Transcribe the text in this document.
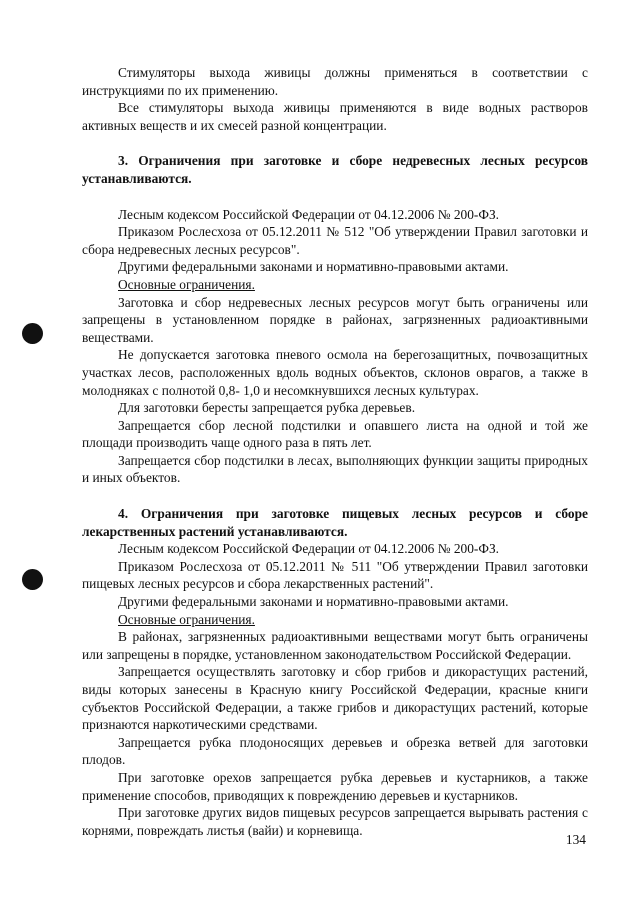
Стимуляторы выхода живицы должны применяться в соответствии с инструкциями по их применению.

Все стимуляторы выхода живицы применяются в виде водных растворов активных веществ и их смесей разной концентрации.

3. Ограничения при заготовке и сборе недревесных лесных ресурсов устанавливаются.

Лесным кодексом Российской Федерации от 04.12.2006 № 200-ФЗ.

Приказом Рослесхоза от 05.12.2011 № 512 "Об утверждении Правил заготовки и сбора недревесных лесных ресурсов".

Другими федеральными законами и нормативно-правовыми актами.

Основные ограничения.

Заготовка и сбор недревесных лесных ресурсов могут быть ограничены или запрещены в установленном порядке в районах, загрязненных радиоактивными веществами.

Не допускается заготовка пневого осмола на берегозащитных, почвозащитных участках лесов, расположенных вдоль водных объектов, склонов оврагов, а также в молодняках с полнотой 0,8- 1,0 и несомкнувшихся лесных культурах.

Для заготовки бересты запрещается рубка деревьев.

Запрещается сбор лесной подстилки и опавшего листа на одной и той же площади производить чаще одного раза в пять лет.

Запрещается сбор подстилки в лесах, выполняющих функции защиты природных и иных объектов.

4. Ограничения при заготовке пищевых лесных ресурсов и сборе лекарственных растений устанавливаются.

Лесным кодексом Российской Федерации от 04.12.2006 № 200-ФЗ.

Приказом Рослесхоза от 05.12.2011 № 511 "Об утверждении Правил заготовки пищевых лесных ресурсов и сбора лекарственных растений".

Другими федеральными законами и нормативно-правовыми актами.

Основные ограничения.

В районах, загрязненных радиоактивными веществами могут быть ограничены или запрещены в порядке, установленном законодательством Российской Федерации.

Запрещается осуществлять заготовку и сбор грибов и дикорастущих растений, виды которых занесены в Красную книгу Российской Федерации, красные книги субъектов Российской Федерации, а также грибов и дикорастущих растений, которые признаются наркотическими средствами.

Запрещается рубка плодоносящих деревьев и обрезка ветвей для заготовки плодов.

При заготовке орехов запрещается рубка деревьев и кустарников, а также применение способов, приводящих к повреждению деревьев и кустарников.

При заготовке других видов пищевых ресурсов запрещается вырывать растения с корнями, повреждать листья (вайи) и корневища.

134
